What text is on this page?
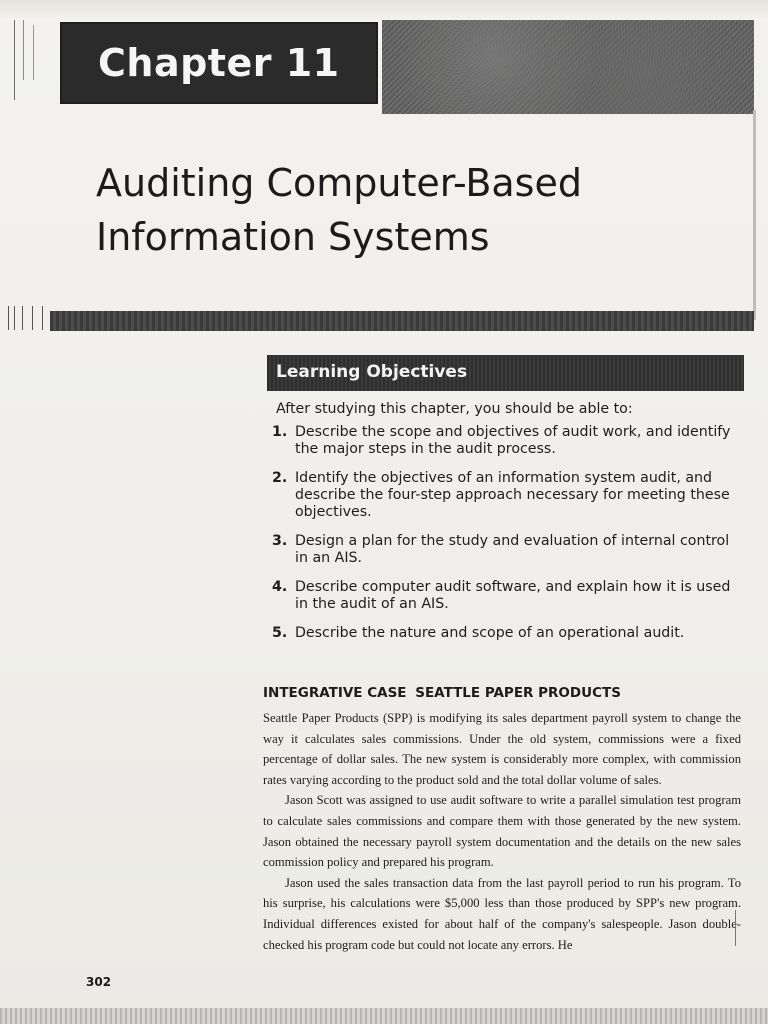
Chapter 11
Auditing Computer-Based
Information Systems
Learning Objectives
After studying this chapter, you should be able to:
1. Describe the scope and objectives of audit work, and identify the major steps in the audit process.
2. Identify the objectives of an information system audit, and describe the four-step approach necessary for meeting these objectives.
3. Design a plan for the study and evaluation of internal control in an AIS.
4. Describe computer audit software, and explain how it is used in the audit of an AIS.
5. Describe the nature and scope of an operational audit.
INTEGRATIVE CASE SEATTLE PAPER PRODUCTS

Seattle Paper Products (SPP) is modifying its sales department payroll system to change the way it calculates sales commissions. Under the old system, commissions were a fixed percentage of dollar sales. The new system is considerably more complex, with commission rates varying according to the product sold and the total dollar volume of sales.

Jason Scott was assigned to use audit software to write a parallel simulation test program to calculate sales commissions and compare them with those generated by the new system. Jason obtained the necessary payroll system documentation and the details on the new sales commission policy and prepared his program.

Jason used the sales transaction data from the last payroll period to run his program. To his surprise, his calculations were $5,000 less than those produced by SPP's new program. Individual differences existed for about half of the company's salespeople. Jason double-checked his program code but could not locate any errors. He

302
